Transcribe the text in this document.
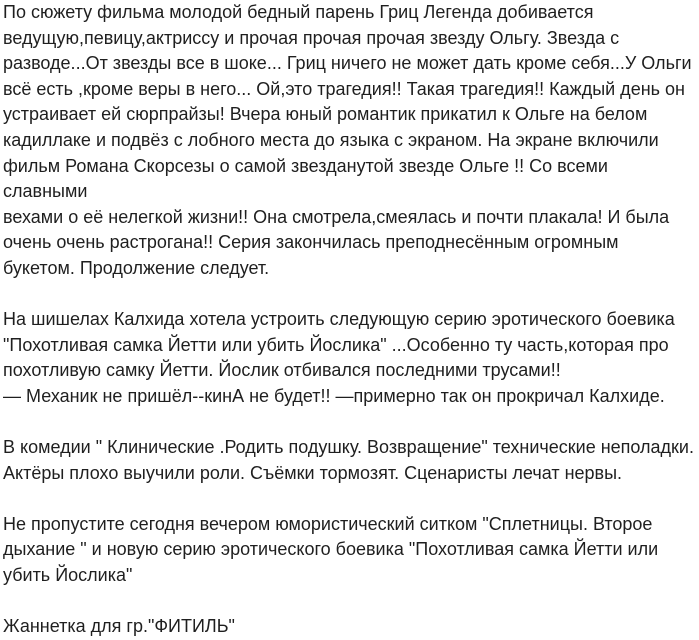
По сюжету фильма молодой бедный парень Гриц Легенда добивается
ведущую,певицу,актриссу и прочая прочая прочая звезду Ольгу. Звезда с
разводе...От звезды все в шоке... Гриц ничего не может дать кроме себя...У Ольги
всё есть ,кроме веры в него... Ой,это трагедия!! Такая трагедия!! Каждый день он
устраивает ей сюрпрайзы! Вчера юный романтик прикатил к Ольге на белом
кадиллаке и подвёз с лобного места до языка с экраном. На экране включили
фильм Романа Скорсезы о самой звезданутой звезде Ольге !! Со всеми славными
вехами о её нелегкой жизни!! Она смотрела,смеялась и почти плакала! И была
очень очень растрогана!! Серия закончилась преподнесённым огромным
букетом. Продолжение следует.

На шишелах Калхида хотела устроить следующую серию эротического боевика
"Похотливая самка Йетти или убить Йослика" ...Особенно ту часть,которая про
похотливую самку Йетти. Йослик отбивался последними трусами!!
— Механик не пришёл--кинА не будет!! —примерно так он прокричал Калхиде.

В комедии " Клинические .Родить подушку. Возвращение" технические неполадки.
Актёры плохо выучили роли. Съёмки тормозят. Сценаристы лечат нервы.

Не пропустите сегодня вечером юмористический ситком "Сплетницы. Второе
дыхание " и новую серию эротического боевика "Похотливая самка Йетти или
убить Йослика"

Жаннетка для гр."ФИТИЛЬ"
